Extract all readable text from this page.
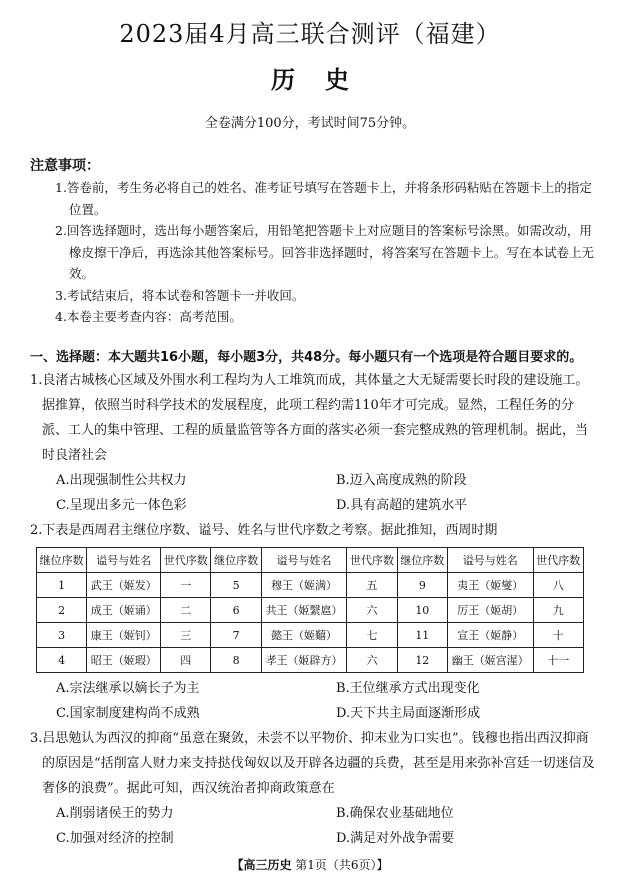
2023届4月高三联合测评（福建）
历史
全卷满分100分，考试时间75分钟。
注意事项：
1.答卷前，考生务必将自己的姓名、准考证号填写在答题卡上，并将条形码粘贴在答题卡上的指定位置。
2.回答选择题时，选出每小题答案后，用铅笔把答题卡上对应题目的答案标号涂黑。如需改动，用橡皮擦干净后，再选涂其他答案标号。回答非选择题时，将答案写在答题卡上。写在本试卷上无效。
3.考试结束后，将本试卷和答题卡一并收回。
4.本卷主要考查内容：高考范围。
一、选择题：本大题共16小题，每小题3分，共48分。每小题只有一个选项是符合题目要求的。
1.良渚古城核心区域及外围水利工程均为人工堆筑而成，其体量之大无疑需要长时段的建设施工。据推算，依照当时科学技术的发展程度，此项工程约需110年才可完成。显然，工程任务的分派、工人的集中管理、工程的质量监管等各方面的落实必须一套完整成熟的管理机制。据此，当时良渚社会
A.出现强制性公共权力	B.迈入高度成熟的阶段
C.呈现出多元一体色彩	D.具有高超的建筑水平
2.下表是西周君主继位序数、谥号、姓名与世代序数之考察。据此推知，西周时期
继位序数	谥号与姓名	世代序数	继位序数	谥号与姓名	世代序数	继位序数	谥号与姓名	世代序数
1	武王（姬发）	一	5	穆王（姬满）	五	9	夷王（姬燮）	八
2	成王（姬诵）	二	6	共王（姬繄扈）	六	10	厉王（姬胡）	九
3	康王（姬钊）	三	7	懿王（姬囏）	七	11	宣王（姬静）	十
4	昭王（姬瑕）	四	8	孝王（姬辟方）	六	12	幽王（姬宫湦）	十一
A.宗法继承以嫡长子为主	B.王位继承方式出现变化
C.国家制度建构尚不成熟	D.天下共主局面逐渐形成
3.吕思勉认为西汉的抑商“虽意在聚敛，未尝不以平物价、抑末业为口实也”。钱穆也指出西汉抑商的原因是“括削富人财力来支持挞伐匈奴以及开辟各边疆的兵费，甚至是用来弥补宫廷一切迷信及奢侈的浪费”。据此可知，西汉统治者抑商政策意在
A.削弱诸侯王的势力	B.确保农业基础地位
C.加强对经济的控制	D.满足对外战争需要
【高三历史 第1页（共6页）】
